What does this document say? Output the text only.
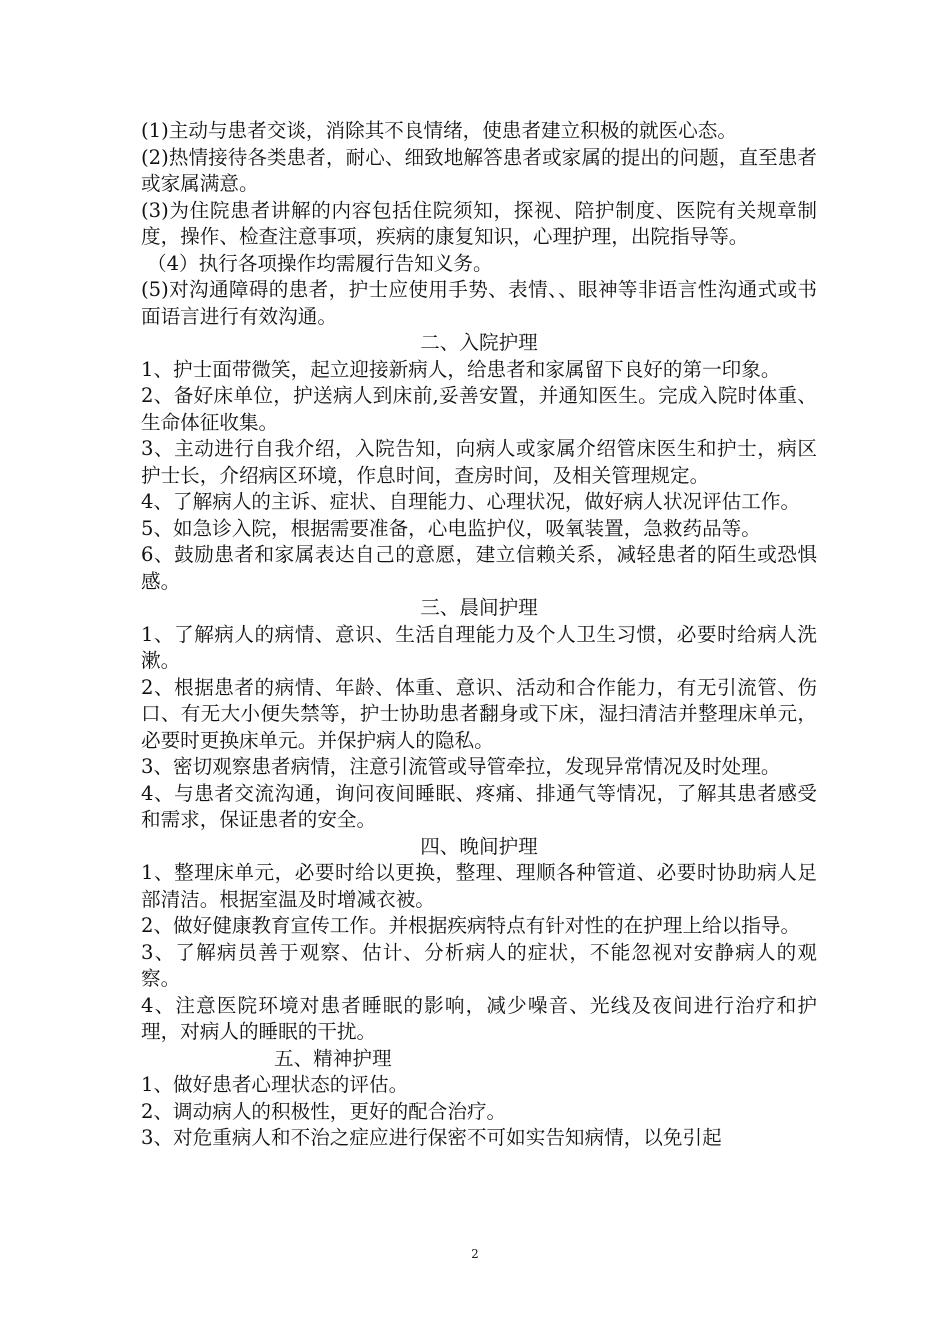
(1)主动与患者交谈，消除其不良情绪，使患者建立积极的就医心态。

(2)热情接待各类患者，耐心、细致地解答患者或家属的提出的问题，直至患者或家属满意。

(3)为住院患者讲解的内容包括住院须知，探视、陪护制度、医院有关规章制度，操作、检查注意事项，疾病的康复知识，心理护理，出院指导等。

（4）执行各项操作均需履行告知义务。

(5)对沟通障碍的患者，护士应使用手势、表情、、眼神等非语言性沟通式或书面语言进行有效沟通。

二、入院护理

1、护士面带微笑，起立迎接新病人，给患者和家属留下良好的第一印象。

2、备好床单位，护送病人到床前,妥善安置，并通知医生。完成入院时体重、生命体征收集。

3、主动进行自我介绍，入院告知，向病人或家属介绍管床医生和护士，病区护士长，介绍病区环境，作息时间，查房时间，及相关管理规定。

4、了解病人的主诉、症状、自理能力、心理状况，做好病人状况评估工作。

5、如急诊入院，根据需要准备，心电监护仪，吸氧装置，急救药品等。

6、鼓励患者和家属表达自己的意愿，建立信赖关系，减轻患者的陌生或恐惧感。

三、晨间护理

1、了解病人的病情、意识、生活自理能力及个人卫生习惯，必要时给病人洗漱。

2、根据患者的病情、年龄、体重、意识、活动和合作能力，有无引流管、伤口、有无大小便失禁等，护士协助患者翻身或下床，湿扫清洁并整理床单元，必要时更换床单元。并保护病人的隐私。

3、密切观察患者病情，注意引流管或导管牵拉，发现异常情况及时处理。

4、与患者交流沟通，询问夜间睡眠、疼痛、排通气等情况，了解其患者感受和需求，保证患者的安全。

四、晚间护理

1、整理床单元，必要时给以更换，整理、理顺各种管道、必要时协助病人足部清洁。根据室温及时增减衣被。

2、做好健康教育宣传工作。并根据疾病特点有针对性的在护理上给以指导。

3、了解病员善于观察、估计、分析病人的症状，不能忽视对安静病人的观察。

4、注意医院环境对患者睡眠的影响，减少噪音、光线及夜间进行治疗和护理，对病人的睡眠的干扰。

五、精神护理

1、做好患者心理状态的评估。

2、调动病人的积极性，更好的配合治疗。

3、对危重病人和不治之症应进行保密不可如实告知病情，以免引起

2
